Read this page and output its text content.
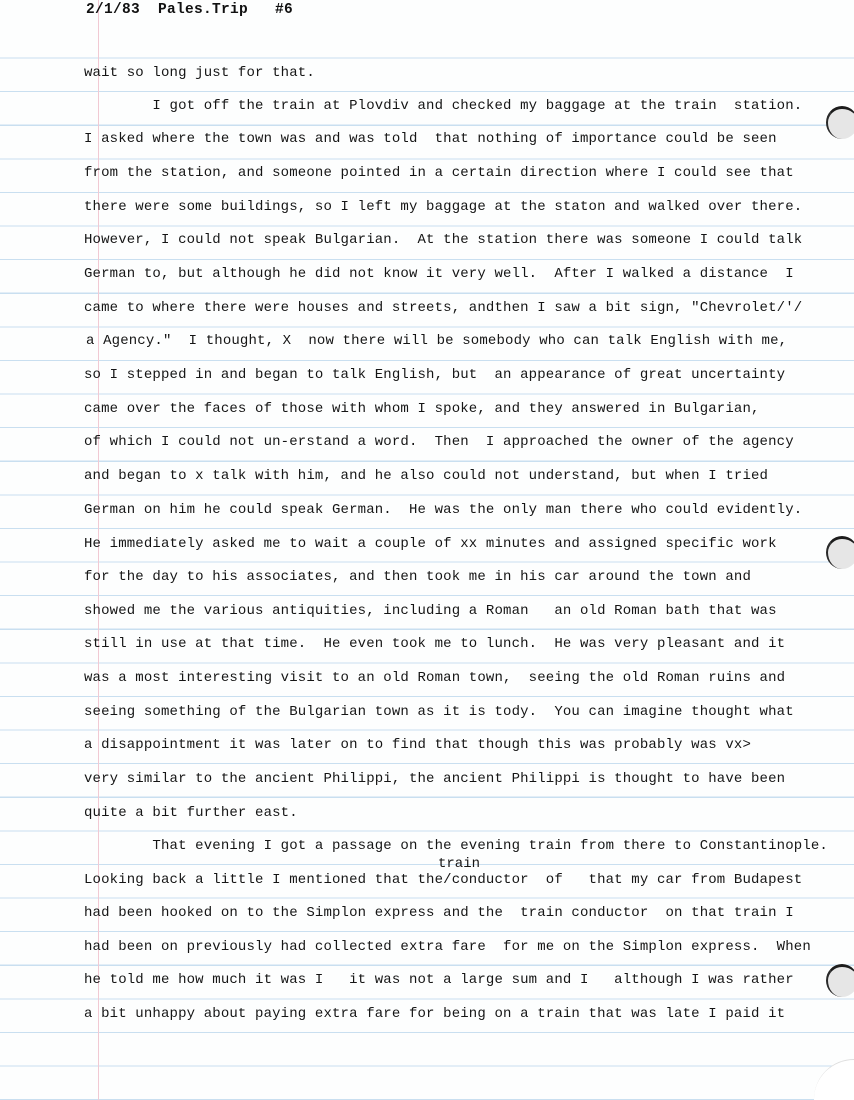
2/1/83  Pales.Trip   #6
wait so long just for that.
I got off the train at Plovdiv and checked my baggage at the train  station.
I asked where the town was and was told  that nothing of importance could be seen
from the station, and someone pointed in a certain direction where I could see that
there were some buildings, so I left my baggage at the staton and walked over there.
However, I could not speak Bulgarian.  At the station there was someone I could talk
German to, but although he did not know it very well.  After I walked a distance  I
came to where there were houses and streets, andthen I saw a bit sign, "Chevrolet/'/
a Agency."  I thought, X  now there will be somebody who can talk English with me,
so I stepped in and began to talk English, but  an appearance of great uncertainty
came over the faces of those with whom I spoke, and they answered in Bulgarian,
of which I could not un-erstand a word.  Then  I approached the owner of the agency
and began to x talk with him, and he also could not understand, but when I tried
German on him he could speak German.  He was the only man there who could evidently.
He immediately asked me to wait a couple of xx minutes and assigned specific work
for the day to his associates, and then took me in his car around the town and
showed me the various antiquities, including a Roman   an old Roman bath that was
still in use at that time.  He even took me to lunch.  He was very pleasant and it
was a most interesting visit to an old Roman town,  seeing the old Roman ruins and
seeing something of the Bulgarian town as it is tody.  You can imagine thought what
a disappointment it was later on to find that though this was probably was vx>
very similar to the ancient Philippi, the ancient Philippi is thought to have been
quite a bit further east.
That evening I got a passage on the evening train from there to Constantinople.
Looking back a little I mentioned that the/conductor  of   that my car from Budapest
had been hooked on to the Simplon express and the  train conductor  on that train I
had been on previously had collected extra fare  for me on the Simplon express.  When
he told me how much it was I   it was not a large sum and I   although I was rather
a bit unhappy about paying extra fare for being on a train that was late I paid it
train
